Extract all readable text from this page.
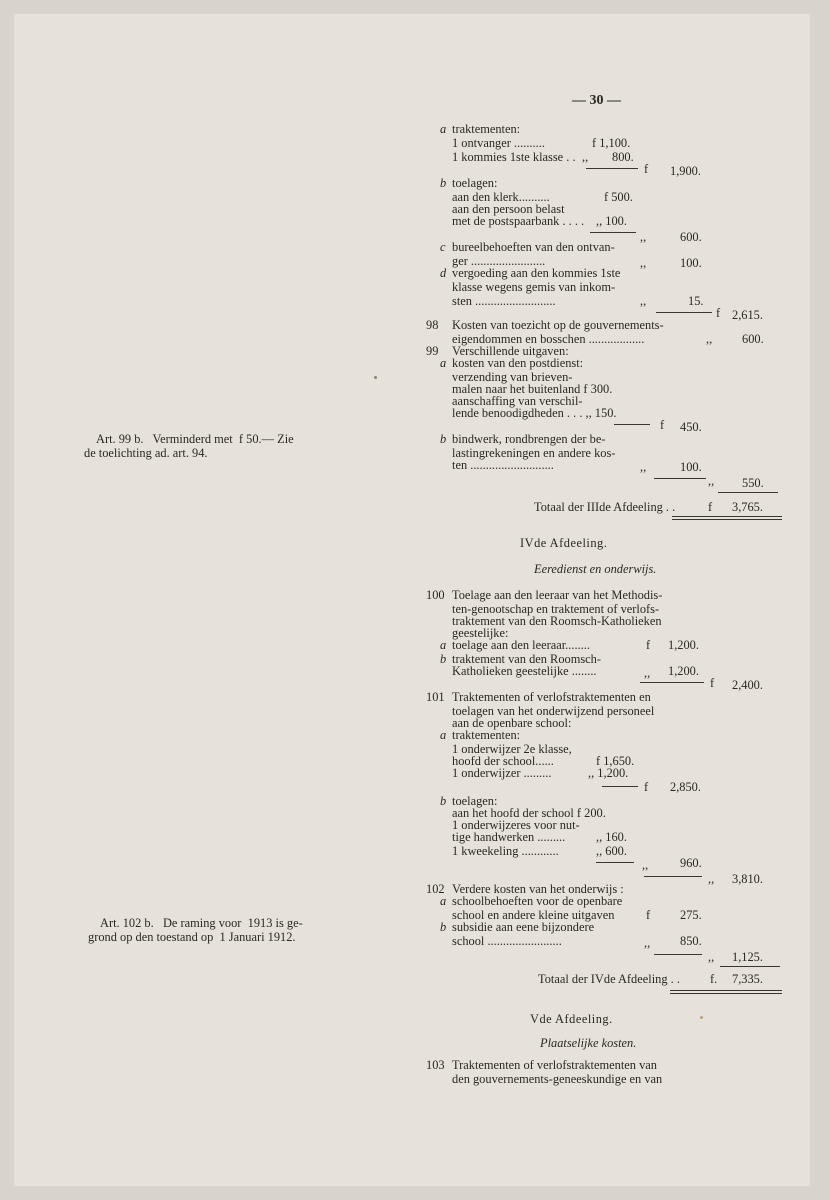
— 30 —

a traktementen:

1 ontvanger ..........	f 1,100.

1 kommies 1ste klasse . . ,, 800.

f 1,900.

b toelagen:

aan den klerk..........	f 500.

aan den persoon belast

met de postspaarbank . . . . ,, 100.

,,	600.

c bureelbehoeften van den ontvan-

ger ........................	,,	100.

d vergoeding aan den kommies 1ste

klasse wegens gemis van inkom-

sten ..........................	,,	15.

f 2,615.

98 Kosten van toezicht op de gouvernements-

eigendommen en bosschen ..................	,, 600.

99 Verschillende uitgaven:

a kosten van den postdienst:

verzending van brieven-

malen naar het buitenland f 300.

aanschaffing van verschil-

lende benoodigdheden . . . ,, 150.

f 450.

b bindwerk, rondbrengen der be-

lastingrekeningen en andere kos-

ten ...........................	,,	100.

,, 550.

Totaal der IIIde Afdeeling . .	f 3,765.

IVde Afdeeling.

Eeredienst en onderwijs.

100 Toelage aan den leeraar van het Methodis-

ten-genootschap en traktement of verlofs-

traktement van den Roomsch-Katholieken

geestelijke:

a toelage aan den leeraar........	f 1,200.

b traktement van den Roomsch-

Katholieken geestelijke ........	,, 1,200.

f 2,400.

101 Traktementen of verlofstraktementen en

toelagen van het onderwijzend personeel

aan de openbare school:

a traktementen:

1 onderwijzer 2e klasse,

hoofd der school......	f 1,650.

1 onderwijzer .........	,, 1,200.

f 2,850.

b toelagen:

aan het hoofd der school f 200.

1 onderwijzeres voor nut-

tige handwerken ......... ,, 160.

1 kweekeling ............	,, 600.

,,	960.

,, 3,810.

102 Verdere kosten van het onderwijs :

a schoolbehoeften voor de openbare

school en andere kleine uitgaven	f 275.

b subsidie aan eene bijzondere

school ........................	,, 850.

,, 1,125.

Totaal der IVde Afdeeling . . f. 7,335.

Vde Afdeeling.

Plaatselijke kosten.

103 Traktementen of verlofstraktementen van

den gouvernements-geneeskundige en van

Art. 99 b.   Verminderd met  f 50.— Zie

de toelichting ad. art. 94.

Art. 102 b.   De raming voor  1913 is ge-

grond op den toestand op  1 Januari 1912.
